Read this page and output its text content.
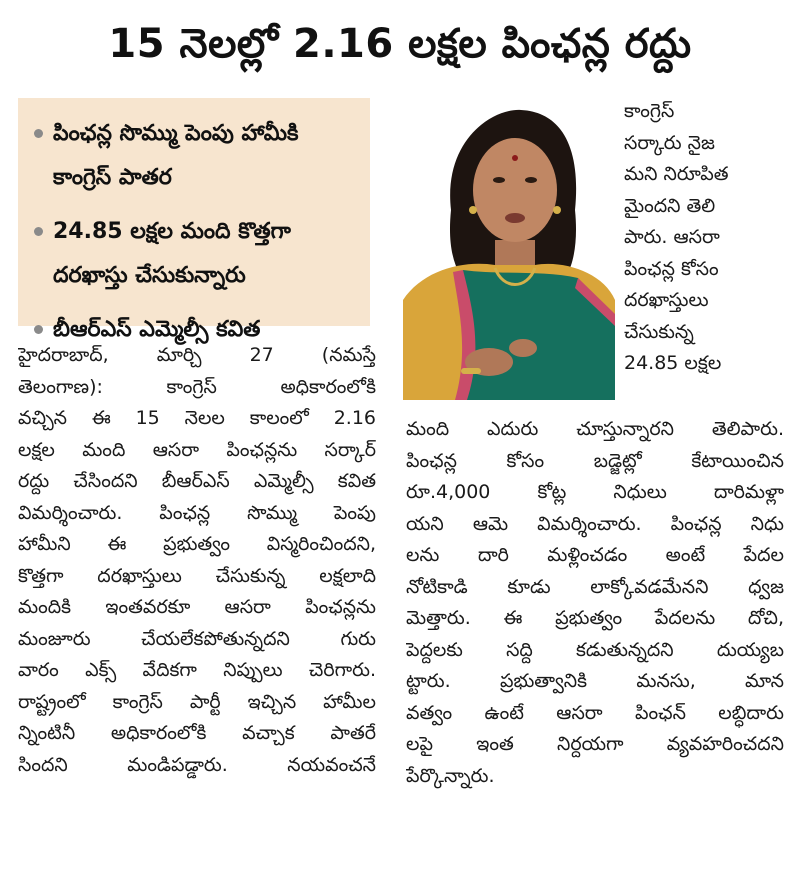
15 నెలల్లో 2.16 లక్షల పింఛన్ల రద్దు
పింఛన్ల సొమ్ము పెంపు హామీకి కాంగ్రెస్ పాతర
24.85 లక్షల మంది కొత్తగా దరఖాస్తు చేసుకున్నారు
బీఆర్ఎస్ ఎమ్మెల్సీ కవిత
కాంగ్రెస్
సర్కారు నైజ
మని నిరూపిత
మైందని తెలి
పారు. ఆసరా
పింఛన్ల కోసం
దరఖాస్తులు
చేసుకున్న
24.85 లక్షల
హైదరాబాద్, మార్చి 27 (నమస్తే
తెలంగాణ): కాంగ్రెస్ అధికారంలోకి
వచ్చిన ఈ 15 నెలల కాలంలో 2.16
లక్షల మంది ఆసరా పింఛన్లను సర్కార్
రద్దు చేసిందని బీఆర్ఎస్ ఎమ్మెల్సీ కవిత
విమర్శించారు. పింఛన్ల సొమ్ము పెంపు
హామీని ఈ ప్రభుత్వం విస్మరించిందని,
కొత్తగా దరఖాస్తులు చేసుకున్న లక్షలాది
మందికి ఇంతవరకూ ఆసరా పింఛన్లను
మంజూరు చేయలేకపోతున్నదని గురు
వారం ఎక్స్ వేదికగా నిప్పులు చెరిగారు.
రాష్ట్రంలో కాంగ్రెస్ పార్టీ ఇచ్చిన హామీల
న్నింటినీ అధికారంలోకి వచ్చాక పాతరే
సిందని మండిపడ్డారు. నయవంచనే
మంది ఎదురు చూస్తున్నారని తెలిపారు.
పింఛన్ల కోసం బడ్జెట్లో కేటాయించిన
రూ.4,000 కోట్ల నిధులు దారిమళ్లా
యని ఆమె విమర్శించారు. పింఛన్ల నిధు
లను దారి మళ్లించడం అంటే పేదల
నోటికాడి కూడు లాక్కోవడమేనని ధ్వజ
మెత్తారు. ఈ ప్రభుత్వం పేదలను దోచి,
పెద్దలకు సద్ది కడుతున్నదని దుయ్యబ
ట్టారు. ప్రభుత్వానికి మనసు, మాన
వత్వం ఉంటే ఆసరా పింఛన్ లబ్ధిదారు
లపై ఇంత నిర్దయగా వ్యవహరించదని
పేర్కొన్నారు.
